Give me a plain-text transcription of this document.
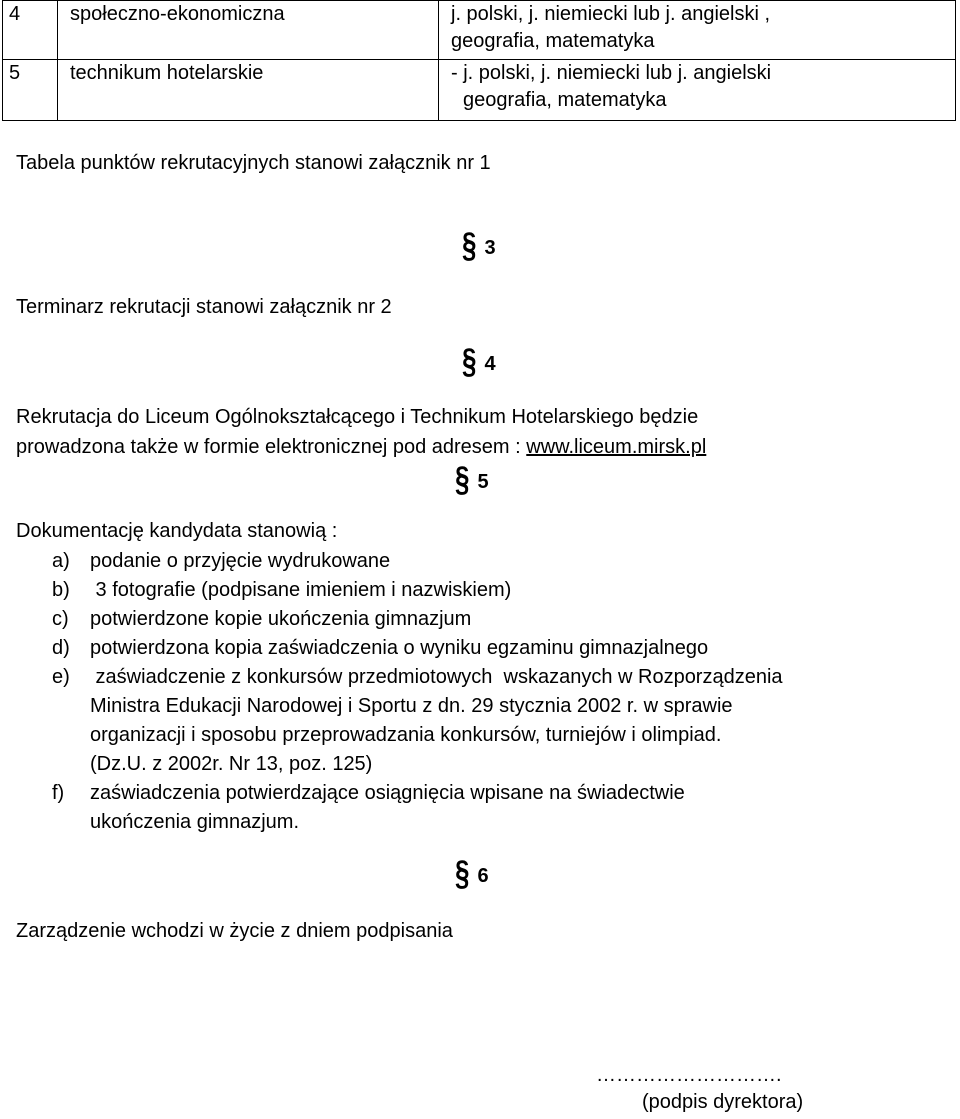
4	społeczno-ekonomiczna	j. polski, j. niemiecki lub j. angielski ,
geografia, matematyka

5	technikum hotelarskie	- j. polski, j. niemiecki lub j. angielski
geografia, matematyka
Tabela punktów rekrutacyjnych stanowi załącznik nr 1
§ 3
Terminarz rekrutacji stanowi załącznik nr 2
§ 4
Rekrutacja do Liceum Ogólnokształcącego i Technikum Hotelarskiego będzie
prowadzona także w formie elektronicznej pod adresem : www.liceum.mirsk.pl
§ 5
Dokumentację kandydata stanowią :
a) podanie o przyjęcie wydrukowane
b) 3 fotografie (podpisane imieniem i nazwiskiem)
c) potwierdzone kopie ukończenia gimnazjum
d) potwierdzona kopia zaświadczenia o wyniku egzaminu gimnazjalnego
e) zaświadczenie z konkursów przedmiotowych  wskazanych w Rozporządzenia
Ministra Edukacji Narodowej i Sportu z dn. 29 stycznia 2002 r. w sprawie
organizacji i sposobu przeprowadzania konkursów, turniejów i olimpiad.
(Dz.U. z 2002r. Nr 13, poz. 125)
f) zaświadczenia potwierdzające osiągnięcia wpisane na świadectwie
ukończenia gimnazjum.
§ 6
Zarządzenie wchodzi w życie z dniem podpisania
……………………….
(podpis dyrektora)
